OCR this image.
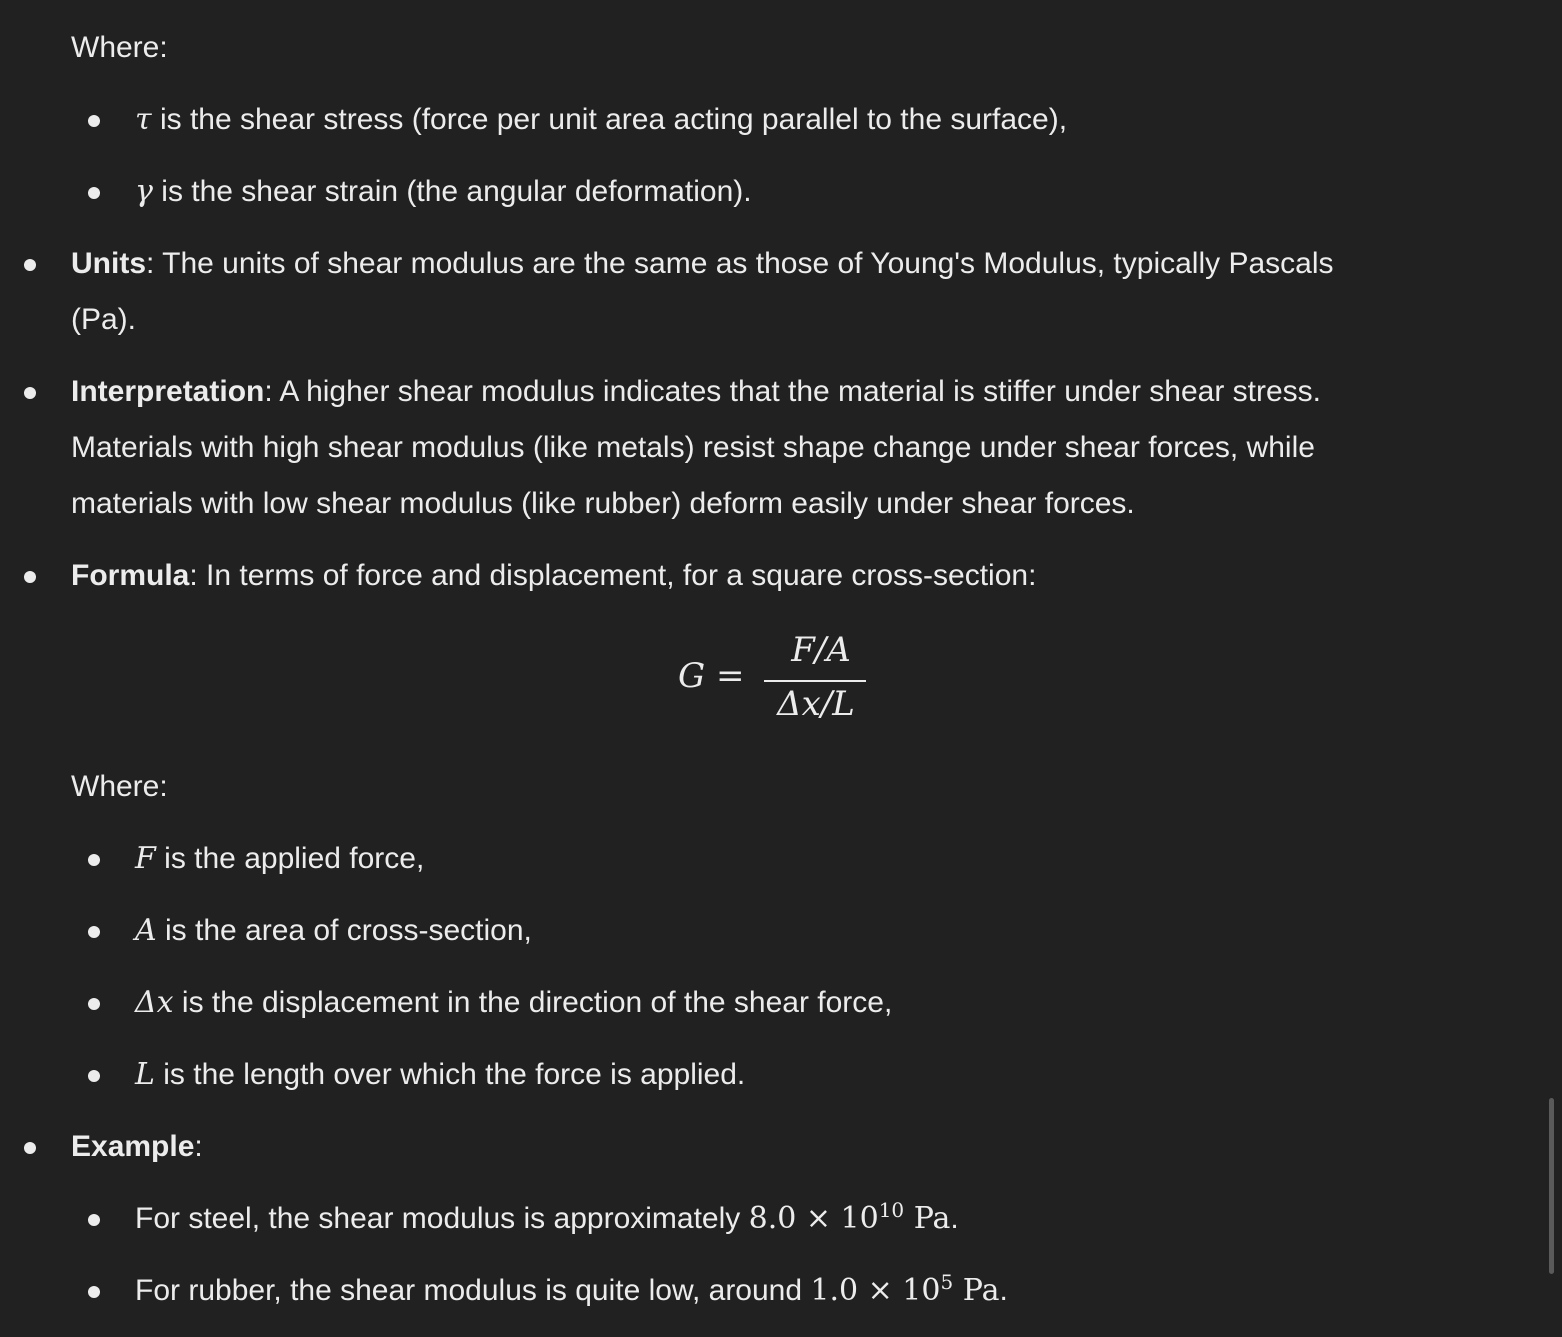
Where:
τ is the shear stress (force per unit area acting parallel to the surface),
γ is the shear strain (the angular deformation).
Units: The units of shear modulus are the same as those of Young's Modulus, typically Pascals
(Pa).
Interpretation: A higher shear modulus indicates that the material is stiffer under shear stress.
Materials with high shear modulus (like metals) resist shape change under shear forces, while
materials with low shear modulus (like rubber) deform easily under shear forces.
Formula: In terms of force and displacement, for a square cross-section:
G =
F/A
Δx/L
Where:
F is the applied force,
A is the area of cross-section,
Δx is the displacement in the direction of the shear force,
L is the length over which the force is applied.
Example:
For steel, the shear modulus is approximately $8.0 \times 10^{10}$ Pa.
For rubber, the shear modulus is quite low, around $1.0 \times 10^5$ Pa.
